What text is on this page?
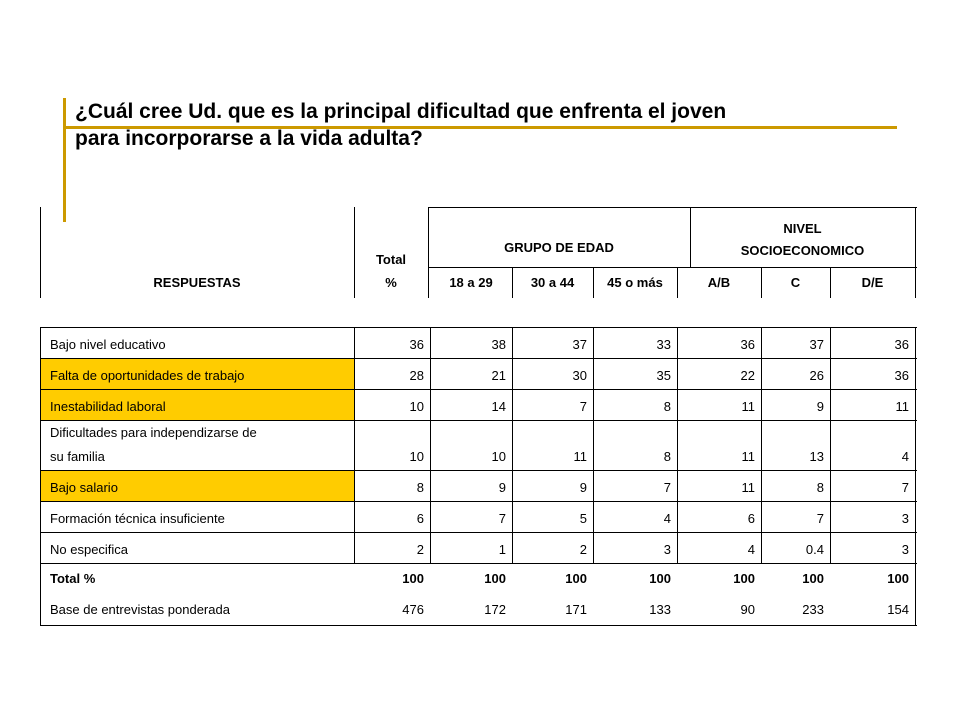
¿Cuál cree Ud. que es la principal dificultad que enfrenta el joven
para incorporarse a la vida adulta?
RESPUESTAS
Total
%
GRUPO DE EDAD
NIVEL
SOCIOECONOMICO
18 a 29	30 a 44	45 o más	A/B	C	D/E
Bajo nivel educativo	36	38	37	33	36	37	36
Falta de oportunidades de trabajo	28	21	30	35	22	26	36
Inestabilidad laboral	10	14	7	8	11	9	11
Dificultades para independizarse de
su familia	10	10	11	8	11	13	4
Bajo salario	8	9	9	7	11	8	7
Formación técnica insuficiente	6	7	5	4	6	7	3
No especifica	2	1	2	3	4	0.4	3
Total %	100	100	100	100	100	100	100
Base de entrevistas ponderada	476	172	171	133	90	233	154
